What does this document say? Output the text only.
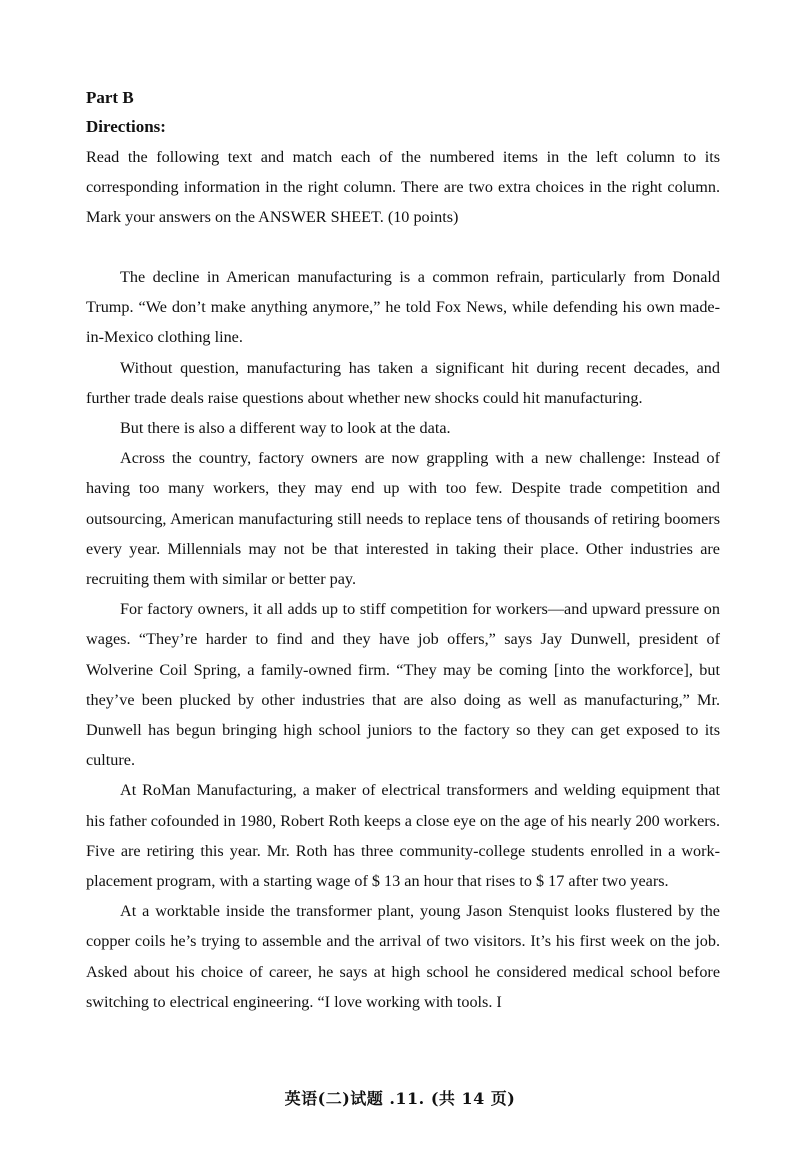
Part B

Directions:

Read the following text and match each of the numbered items in the left column to its corresponding information in the right column. There are two extra choices in the right column. Mark your answers on the ANSWER SHEET. (10 points)

The decline in American manufacturing is a common refrain, particularly from Donald Trump. “We don’t make anything anymore,” he told Fox News, while defending his own made-in-Mexico clothing line.

Without question, manufacturing has taken a significant hit during recent decades, and further trade deals raise questions about whether new shocks could hit manufacturing.

But there is also a different way to look at the data.

Across the country, factory owners are now grappling with a new challenge: Instead of having too many workers, they may end up with too few. Despite trade competition and outsourcing, American manufacturing still needs to replace tens of thousands of retiring boomers every year. Millennials may not be that interested in taking their place. Other industries are recruiting them with similar or better pay.

For factory owners, it all adds up to stiff competition for workers—and upward pressure on wages. “They’re harder to find and they have job offers,” says Jay Dunwell, president of Wolverine Coil Spring, a family-owned firm. “They may be coming [into the workforce], but they’ve been plucked by other industries that are also doing as well as manufacturing,” Mr. Dunwell has begun bringing high school juniors to the factory so they can get exposed to its culture.

At RoMan Manufacturing, a maker of electrical transformers and welding equipment that his father cofounded in 1980, Robert Roth keeps a close eye on the age of his nearly 200 workers. Five are retiring this year. Mr. Roth has three community-college students enrolled in a work-placement program, with a starting wage of $ 13 an hour that rises to $ 17 after two years.

At a worktable inside the transformer plant, young Jason Stenquist looks flustered by the copper coils he’s trying to assemble and the arrival of two visitors. It’s his first week on the job. Asked about his choice of career, he says at high school he considered medical school before switching to electrical engineering. “I love working with tools. I

英语(二)试题 .11. (共 14 页)
